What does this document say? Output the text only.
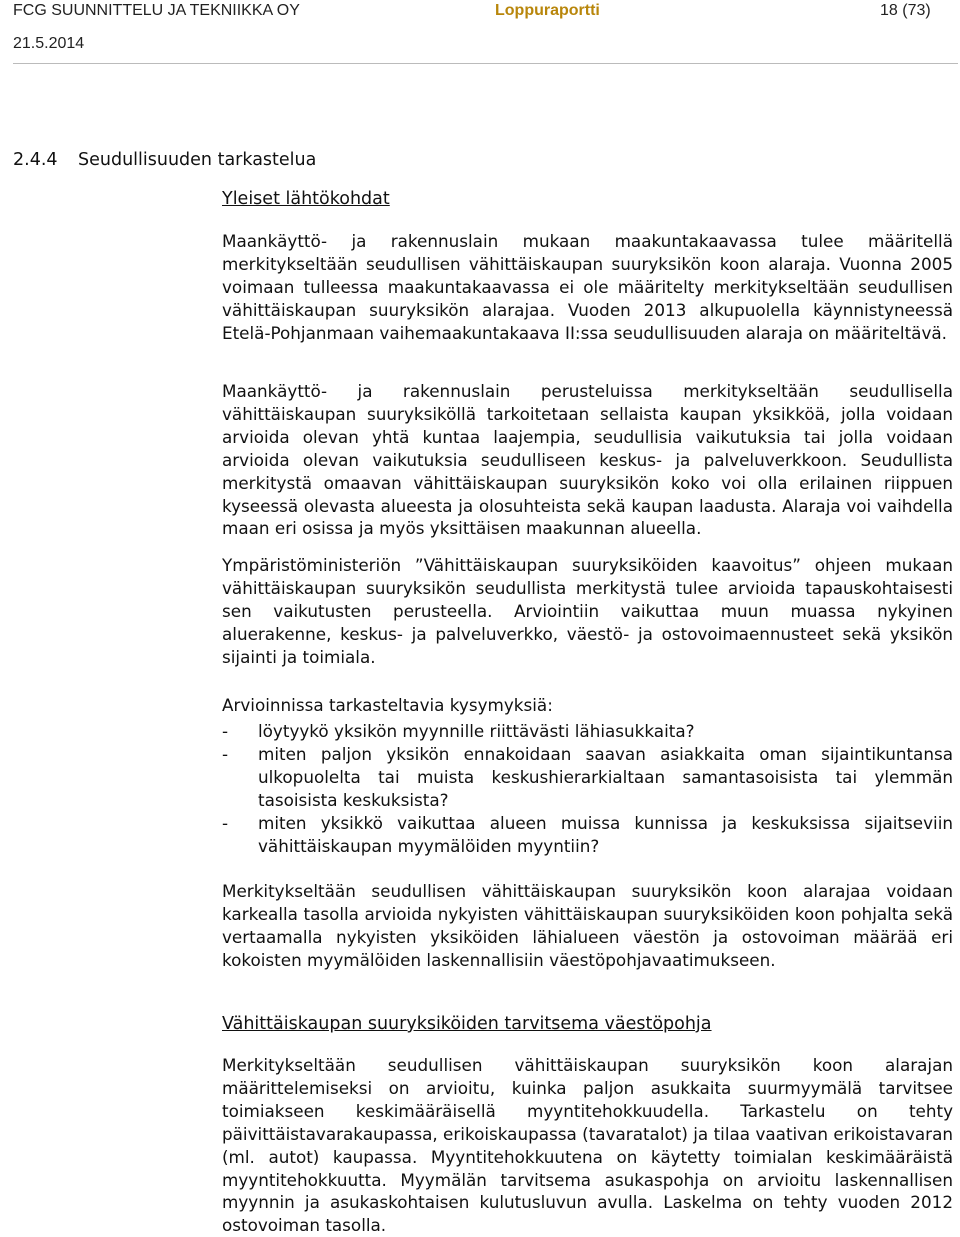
FCG SUUNNITTELU JA TEKNIIKKA OY	Loppuraportti	18 (73)
21.5.2014
2.4.4 Seudullisuuden tarkastelua
Yleiset lähtökohdat

Maankäyttö- ja rakennuslain mukaan maakuntakaavassa tulee määritellä merkitykseltään seudullisen vähittäiskaupan suuryksikön koon alaraja. Vuonna 2005 voimaan tulleessa maakuntakaavassa ei ole määritelty merkitykseltään seudullisen vähittäiskaupan suuryksikön alarajaa. Vuoden 2013 alkupuolella käynnistyneessä Etelä-Pohjanmaan vaihemaakuntakaava II:ssa seudullisuuden alaraja on määriteltävä.

Maankäyttö- ja rakennuslain perusteluissa merkitykseltään seudullisella vähittäiskaupan suuryksiköllä tarkoitetaan sellaista kaupan yksikköä, jolla voidaan arvioida olevan yhtä kuntaa laajempia, seudullisia vaikutuksia tai jolla voidaan arvioida olevan vaikutuksia seudulliseen keskus- ja palveluverkkoon. Seudullista merkitystä omaavan vähittäiskaupan suuryksikön koko voi olla erilainen riippuen kyseessä olevasta alueesta ja olosuhteista sekä kaupan laadusta. Alaraja voi vaihdella maan eri osissa ja myös yksittäisen maakunnan alueella.

Ympäristöministeriön ”Vähittäiskaupan suuryksiköiden kaavoitus” ohjeen mukaan vähittäiskaupan suuryksikön seudullista merkitystä tulee arvioida tapauskohtaisesti sen vaikutusten perusteella. Arviointiin vaikuttaa muun muassa nykyinen aluerakenne, keskus- ja palveluverkko, väestö- ja ostovoimaennusteet sekä yksikön sijainti ja toimiala.

Arvioinnissa tarkasteltavia kysymyksiä:
- löytyykö yksikön myynnille riittävästi lähiasukkaita?
- miten paljon yksikön ennakoidaan saavan asiakkaita oman sijaintikuntansa ulkopuolelta tai muista keskushierarkialtaan samantasoisista tai ylemmän tasoisista keskuksista?
- miten yksikkö vaikuttaa alueen muissa kunnissa ja keskuksissa sijaitseviin vähittäiskaupan myymälöiden myyntiin?

Merkitykseltään seudullisen vähittäiskaupan suuryksikön koon alarajaa voidaan karkealla tasolla arvioida nykyisten vähittäiskaupan suuryksiköiden koon pohjalta sekä vertaamalla nykyisten yksiköiden lähialueen väestön ja ostovoiman määrää eri kokoisten myymälöiden laskennallisiin väestöpohjavaatimukseen.

Vähittäiskaupan suuryksiköiden tarvitsema väestöpohja

Merkitykseltään seudullisen vähittäiskaupan suuryksikön koon alarajan määrittelemiseksi on arvioitu, kuinka paljon asukkaita suurmyymälä tarvitsee toimiakseen keskimääräisellä myyntitehokkuudella. Tarkastelu on tehty päivittäistavarakaupassa, erikoiskaupassa (tavaratalot) ja tilaa vaativan erikoistavaran (ml. autot) kaupassa. Myyntitehokkuutena on käytetty toimialan keskimääräistä myyntitehokkuutta. Myymälän tarvitsema asukaspohja on arvioitu laskennallisen myynnin ja asukaskohtaisen kulutusluvun avulla. Laskelma on tehty vuoden 2012 ostovoiman tasolla.
